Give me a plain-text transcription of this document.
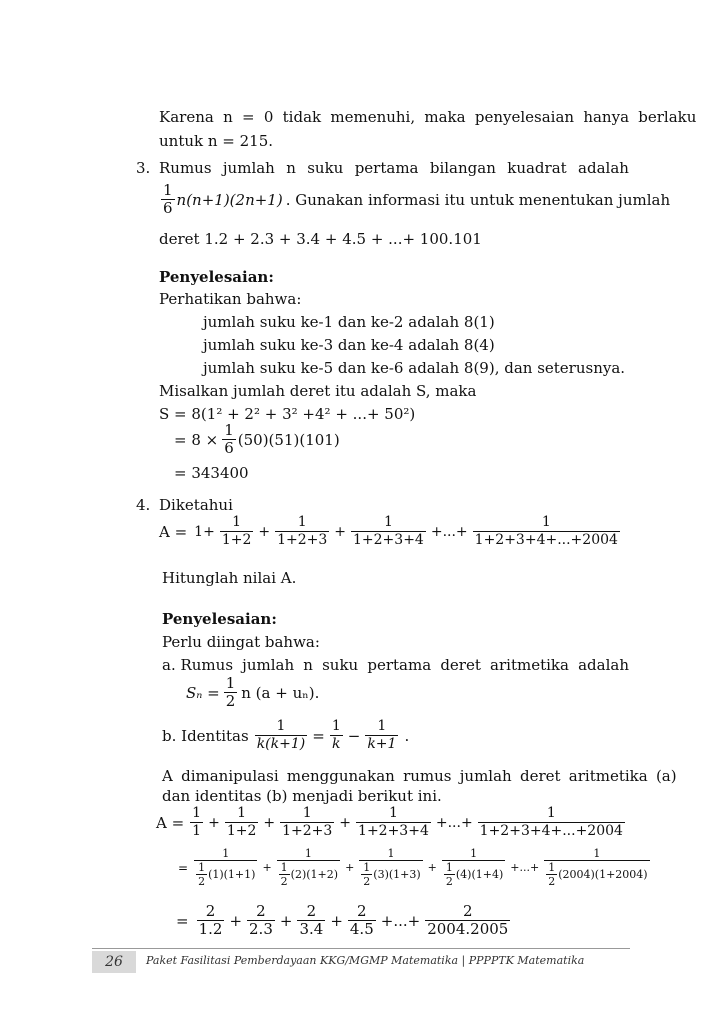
Karena n = 0 tidak memenuhi, maka penyelesaian hanya berlaku
untuk n = 215.
3. Rumus jumlah n suku pertama bilangan kuadrat adalah
$\frac{1}{6} n(n+1)(2n+1)$ . Gunakan informasi itu untuk menentukan jumlah
deret 1.2 + 2.3 + 3.4 + 4.5 + ...+ 100.101
Penyelesaian:
Perhatikan bahwa:
jumlah suku ke-1 dan ke-2 adalah 8(1)
jumlah suku ke-3 dan ke-4 adalah 8(4)
jumlah suku ke-5 dan ke-6 adalah 8(9), dan seterusnya.
Misalkan jumlah deret itu adalah S, maka
S = 8(1² + 2² + 3² +4² + ...+ 50²)
= $8 \times \frac{1}{6} (50)(51)(101)$
= 343400
4. Diketahui
$A = 1+ \frac{1}{1+2} + \frac{1}{1+2+3} + \frac{1}{1+2+3+4}$ +...+ $\frac{1}{1+2+3+4+...+2004}$
Hitunglah nilai A.
Penyelesaian:
Perlu diingat bahwa:
a. Rumus jumlah n suku pertama deret aritmetika adalah
$S_n = \frac{1}{2}$ n (a + uₙ).
b. Identitas $\frac{1}{k(k+1)} = \frac{1}{k} - \frac{1}{k+1}$ .
A dimanipulasi menggunakan rumus jumlah deret aritmetika (a)
dan identitas (b) menjadi berikut ini.
$A = \frac{1}{1} + \frac{1}{1+2} + \frac{1}{1+2+3} + \frac{1}{1+2+3+4}$ +...+ $\frac{1}{1+2+3+4+...+2004}$
= $\frac{1}{\frac{1}{2} (1)(1+1)} + \frac{1}{\frac{1}{2} (2)(1+2)} + \frac{1}{\frac{1}{2} (3)(1+3)} + \frac{1}{\frac{1}{2} (4)(1+4)}$ +...+ $\frac{1}{\frac{1}{2} (2004)(1+2004)}$
= $\frac{2}{1.2} + \frac{2}{2.3} + \frac{2}{3.4} + \frac{2}{4.5}$ +...+ $\frac{2}{2004.2005}$
26	Paket Fasilitasi Pemberdayaan KKG/MGMP Matematika | PPPPTK Matematika
